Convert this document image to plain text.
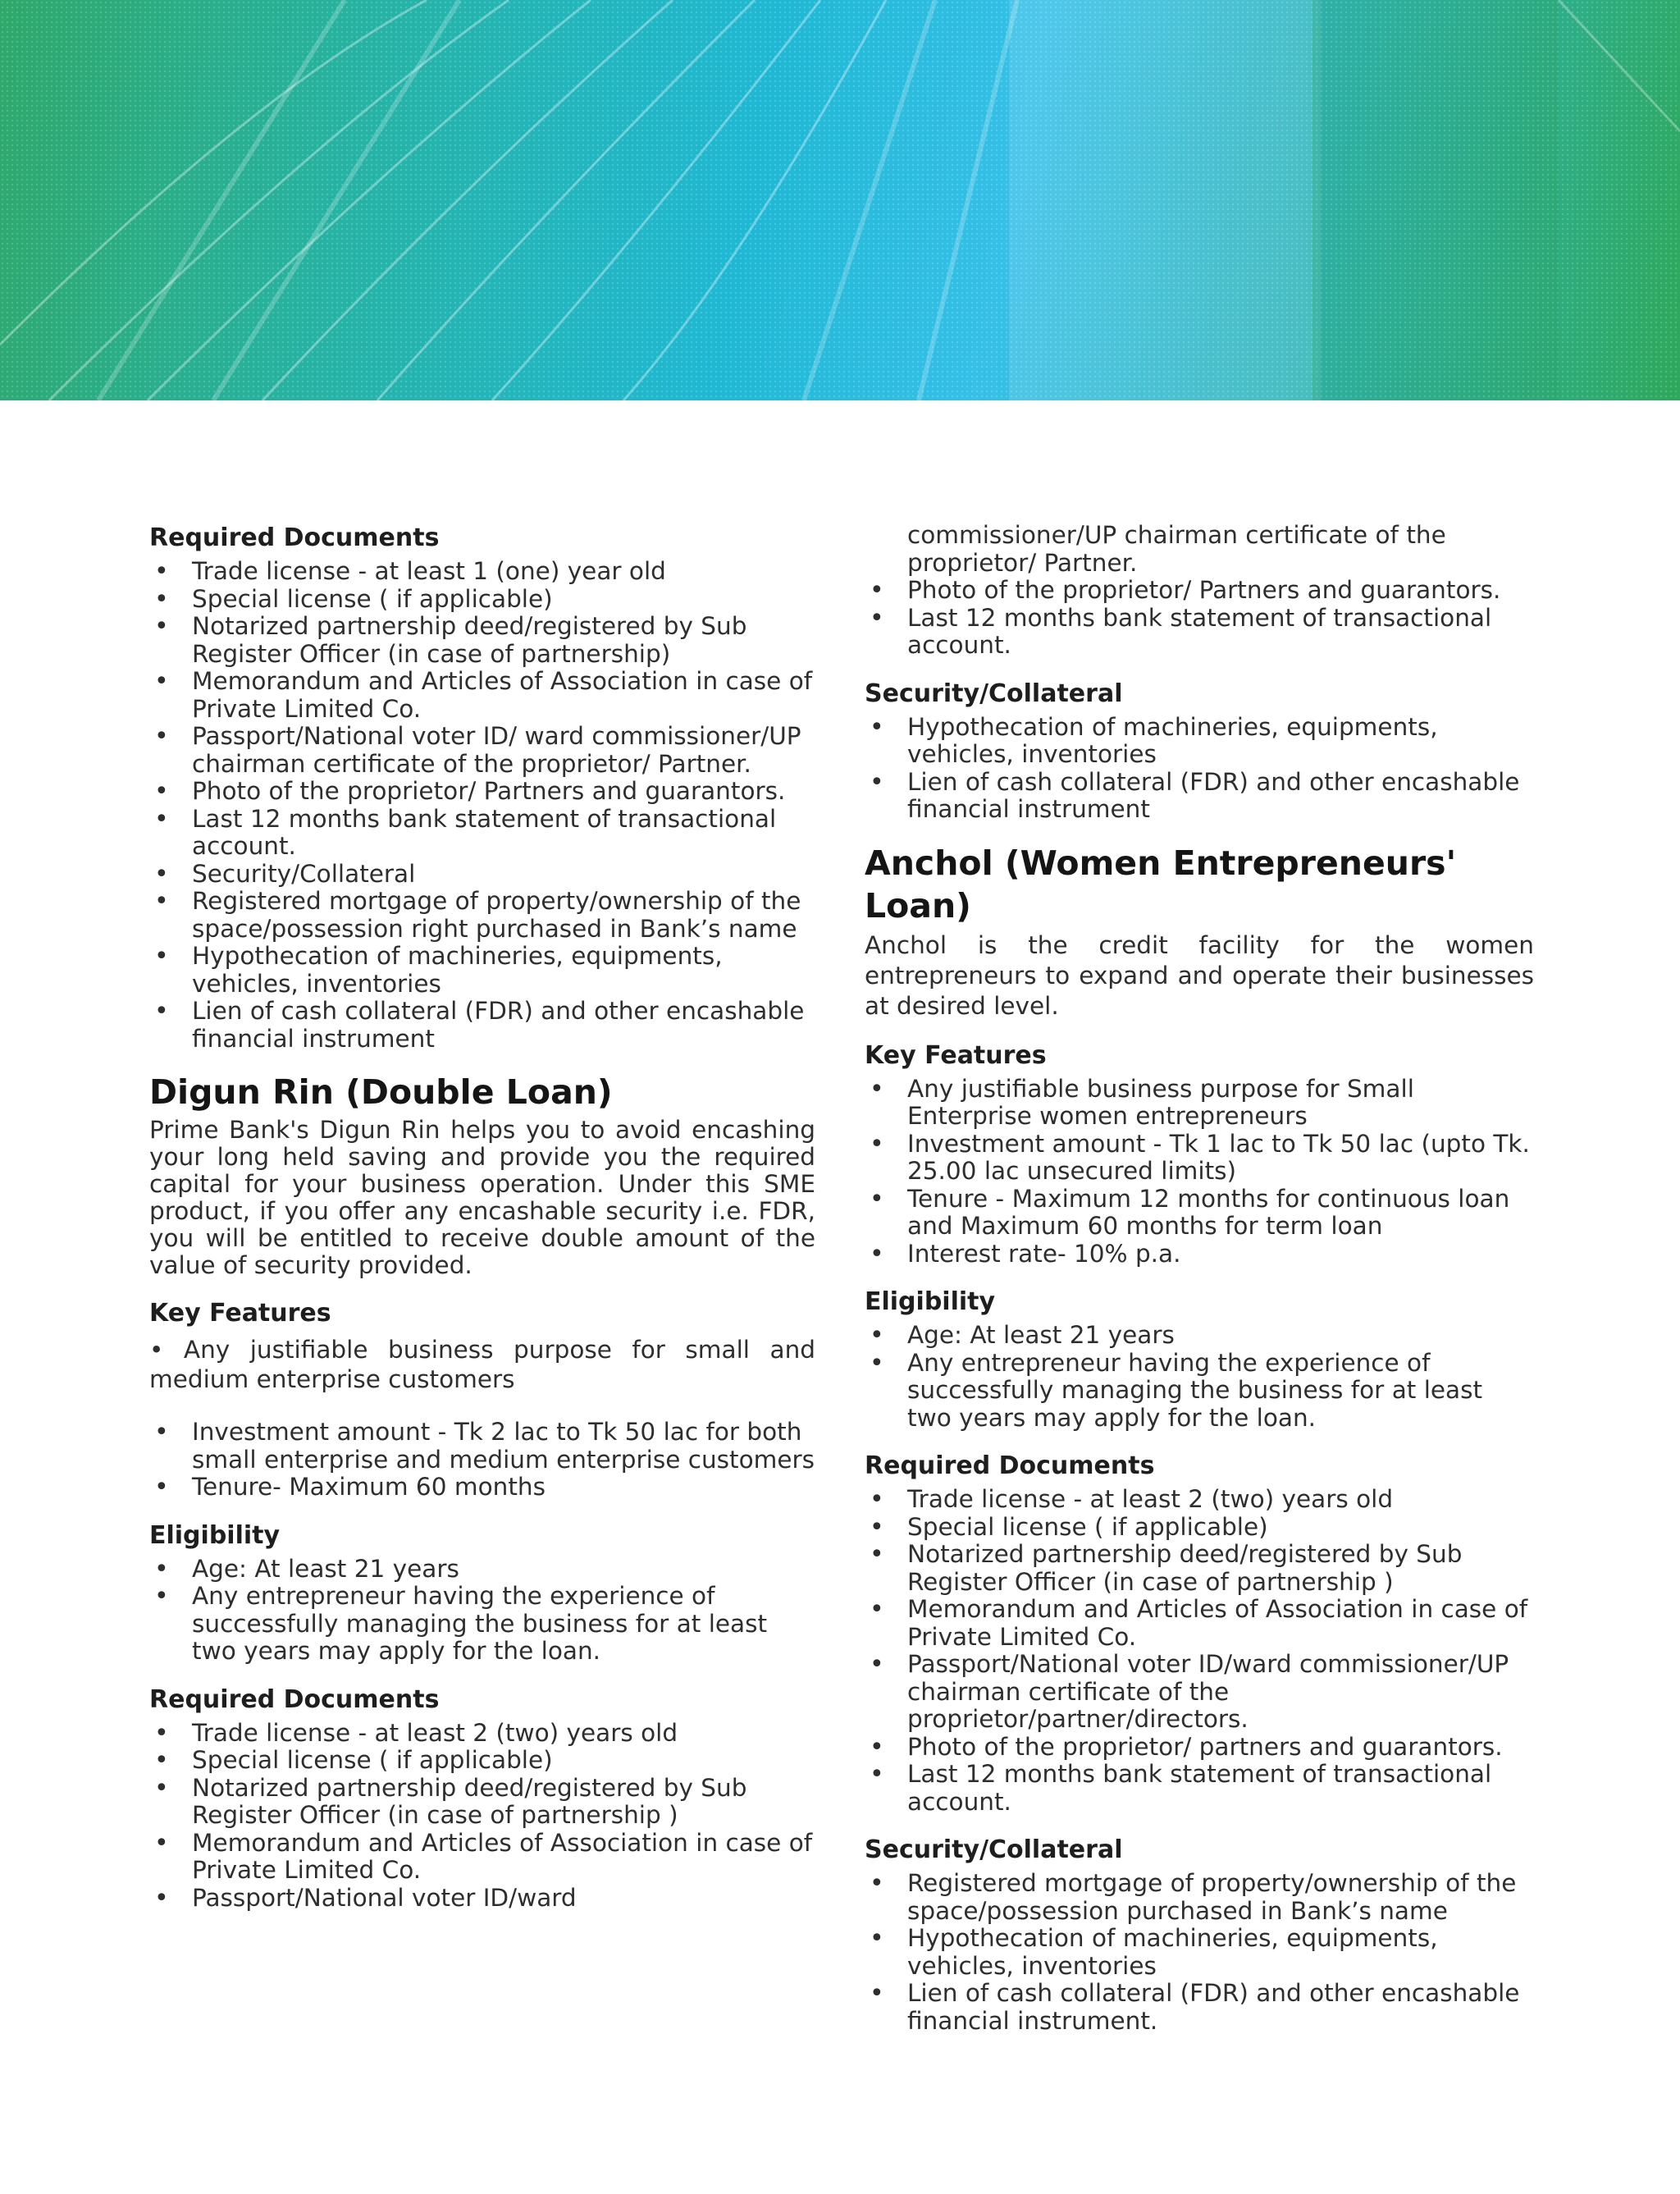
Required Documents
• Trade license - at least 1 (one) year old
• Special license ( if applicable)
• Notarized partnership deed/registered by Sub Register Officer (in case of partnership)
• Memorandum and Articles of Association in case of Private Limited Co.
• Passport/National voter ID/ ward commissioner/UP chairman certificate of the proprietor/ Partner.
• Photo of the proprietor/ Partners and guarantors.
• Last 12 months bank statement of transactional account.
• Security/Collateral
• Registered mortgage of property/ownership of the space/possession right purchased in Bank’s name
• Hypothecation of machineries, equipments, vehicles, inventories
• Lien of cash collateral (FDR) and other encashable financial instrument
Digun Rin (Double Loan)

Prime Bank's Digun Rin helps you to avoid encashing your long held saving and provide you the required capital for your business operation. Under this SME product, if you offer any encashable security i.e. FDR, you will be entitled to receive double amount of the value of security provided.

Key Features

• Any justifiable business purpose for small and medium enterprise customers

• Investment amount - Tk 2 lac to Tk 50 lac for both small enterprise and medium enterprise customers
• Tenure- Maximum 60 months
Eligibility
• Age: At least 21 years
• Any entrepreneur having the experience of successfully managing the business for at least two years may apply for the loan.
Required Documents
• Trade license - at least 2 (two) years old
• Special license ( if applicable)
• Notarized partnership deed/registered by Sub Register Officer (in case of partnership )
• Memorandum and Articles of Association in case of Private Limited Co.
• Passport/National voter ID/ward
commissioner/UP chairman certificate of the proprietor/ Partner.
• Photo of the proprietor/ Partners and guarantors.
• Last 12 months bank statement of transactional account.
Security/Collateral
• Hypothecation of machineries, equipments, vehicles, inventories
• Lien of cash collateral (FDR) and other encashable financial instrument
Anchol (Women Entrepreneurs' Loan)

Anchol is the credit facility for the women entrepreneurs to expand and operate their businesses at desired level.

Key Features
• Any justifiable business purpose for Small Enterprise women entrepreneurs
• Investment amount - Tk 1 lac to Tk 50 lac (upto Tk. 25.00 lac unsecured limits)
• Tenure - Maximum 12 months for continuous loan and Maximum 60 months for term loan
• Interest rate- 10% p.a.
Eligibility
• Age: At least 21 years
• Any entrepreneur having the experience of successfully managing the business for at least two years may apply for the loan.
Required Documents
• Trade license - at least 2 (two) years old
• Special license ( if applicable)
• Notarized partnership deed/registered by Sub Register Officer (in case of partnership )
• Memorandum and Articles of Association in case of Private Limited Co.
• Passport/National voter ID/ward commissioner/UP chairman certificate of the proprietor/partner/directors.
• Photo of the proprietor/ partners and guarantors.
• Last 12 months bank statement of transactional account.
Security/Collateral
• Registered mortgage of property/ownership of the space/possession purchased in Bank’s name
• Hypothecation of machineries, equipments, vehicles, inventories
• Lien of cash collateral (FDR) and other encashable financial instrument.
